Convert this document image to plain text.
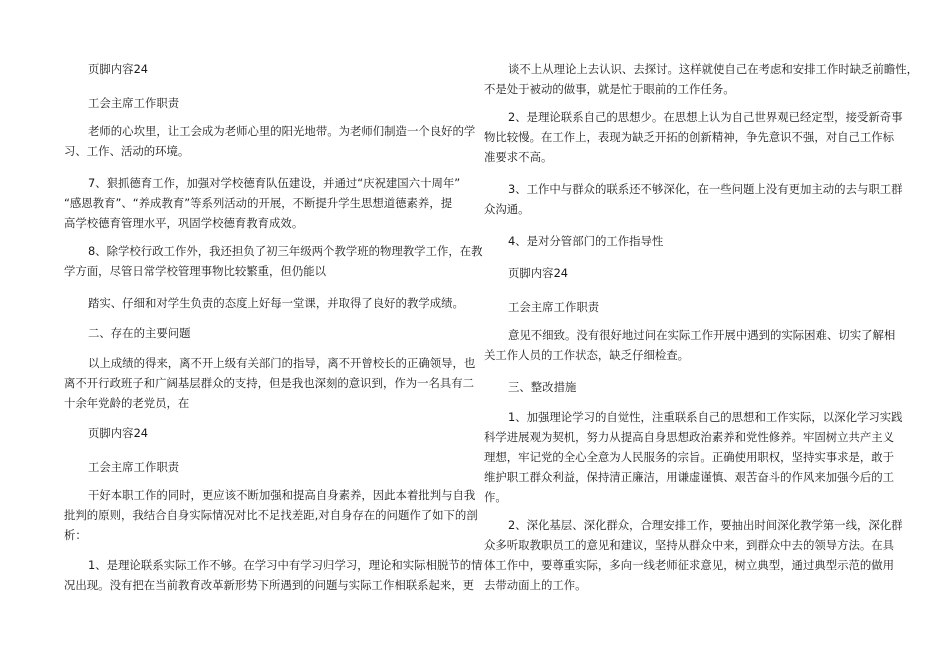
页脚内容24
工会主席工作职责
老师的心坎里，让工会成为老师心里的阳光地带。为老师们制造一个良好的学
习、工作、活动的环境。
7、狠抓德育工作，加强对学校德育队伍建设，并通过“庆祝建国六十周年”
“感恩教育”、“养成教育”等系列活动的开展，不断提升学生思想道德素养，提
高学校德育管理水平，巩固学校德育教育成效。
8、除学校行政工作外，我还担负了初三年级两个教学班的物理教学工作，在教
学方面，尽管日常学校管理事物比较繁重，但仍能以
踏实、仔细和对学生负责的态度上好每一堂课，并取得了良好的教学成绩。
二、存在的主要问题
以上成绩的得来，离不开上级有关部门的指导，离不开曾校长的正确领导，也
离不开行政班子和广阔基层群众的支持，但是我也深刻的意识到，作为一名具有二
十余年党龄的老党员，在
页脚内容24
工会主席工作职责
干好本职工作的同时，更应该不断加强和提高自身素养，因此本着批判与自我
批判的原则，我结合自身实际情况对比不足找差距,对自身存在的问题作了如下的剖
析：
1、是理论联系实际工作不够。在学习中有学习归学习，理论和实际相脱节的情
况出现。没有把在当前教育改革新形势下所遇到的问题与实际工作相联系起来，更
谈不上从理论上去认识、去探讨。这样就使自己在考虑和安排工作时缺乏前瞻性，
不是处于被动的做事，就是忙于眼前的工作任务。
2、是理论联系自己的思想少。在思想上认为自己世界观已经定型，接受新奇事
物比较慢。在工作上，表现为缺乏开拓的创新精神，争先意识不强，对自己工作标
准要求不高。
3、工作中与群众的联系还不够深化，在一些问题上没有更加主动的去与职工群
众沟通。
4、是对分管部门的工作指导性
页脚内容24
工会主席工作职责
意见不细致。没有很好地过问在实际工作开展中遇到的实际困难、切实了解相
关工作人员的工作状态，缺乏仔细检查。
三、整改措施
1、加强理论学习的自觉性，注重联系自己的思想和工作实际，以深化学习实践
科学进展观为契机，努力从提高自身思想政治素养和党性修养。牢固树立共产主义
理想，牢记党的全心全意为人民服务的宗旨。正确使用职权，坚持实事求是，敢于
维护职工群众利益，保持清正廉洁，用谦虚谨慎、艰苦奋斗的作风来加强今后的工
作。
2、深化基层、深化群众，合理安排工作，要抽出时间深化教学第一线，深化群
众多听取教职员工的意见和建议，坚持从群众中来，到群众中去的领导方法。在具
体工作中，要尊重实际，多向一线老师征求意见，树立典型，通过典型示范的做用
去带动面上的工作。
